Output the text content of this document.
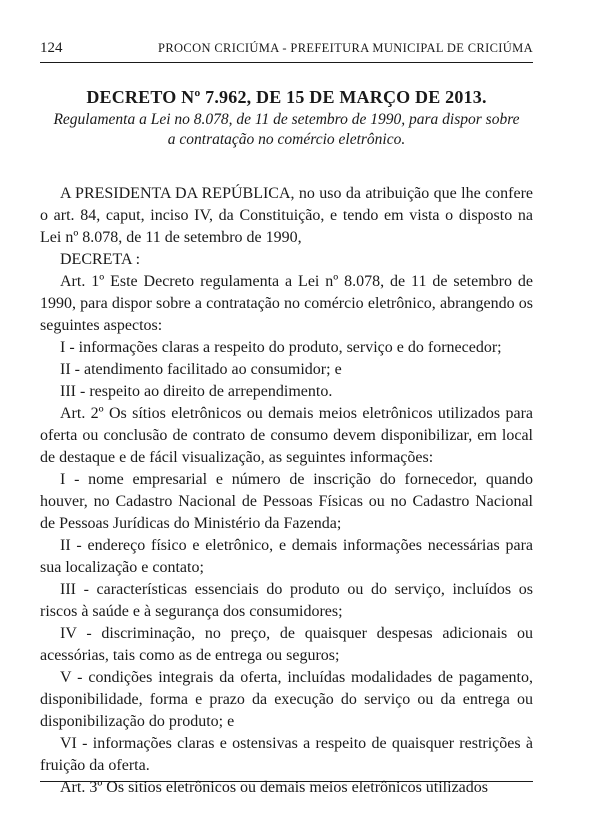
124	PROCON CRICIÚMA - PREFEITURA MUNICIPAL DE CRICIÚMA
DECRETO Nº 7.962, DE 15 DE MARÇO DE 2013.
Regulamenta a Lei no 8.078, de 11 de setembro de 1990, para dispor sobre a contratação no comércio eletrônico.

A PRESIDENTA DA REPÚBLICA, no uso da atribuição que lhe confere o art. 84, caput, inciso IV, da Constituição, e tendo em vista o disposto na Lei nº 8.078, de 11 de setembro de 1990,

DECRETA :

Art. 1º Este Decreto regulamenta a Lei nº 8.078, de 11 de setembro de 1990, para dispor sobre a contratação no comércio eletrônico, abrangendo os seguintes aspectos:

I - informações claras a respeito do produto, serviço e do fornecedor;

II - atendimento facilitado ao consumidor; e

III - respeito ao direito de arrependimento.

Art. 2º Os sítios eletrônicos ou demais meios eletrônicos utilizados para oferta ou conclusão de contrato de consumo devem disponibilizar, em local de destaque e de fácil visualização, as seguintes informações:

I - nome empresarial e número de inscrição do fornecedor, quando houver, no Cadastro Nacional de Pessoas Físicas ou no Cadastro Nacional de Pessoas Jurídicas do Ministério da Fazenda;

II - endereço físico e eletrônico, e demais informações necessárias para sua localização e contato;

III - características essenciais do produto ou do serviço, incluídos os riscos à saúde e à segurança dos consumidores;

IV - discriminação, no preço, de quaisquer despesas adicionais ou acessórias, tais como as de entrega ou seguros;

V - condições integrais da oferta, incluídas modalidades de pagamento, disponibilidade, forma e prazo da execução do serviço ou da entrega ou disponibilização do produto; e

VI - informações claras e ostensivas a respeito de quaisquer restrições à fruição da oferta.

Art. 3º Os sítios eletrônicos ou demais meios eletrônicos utilizados
